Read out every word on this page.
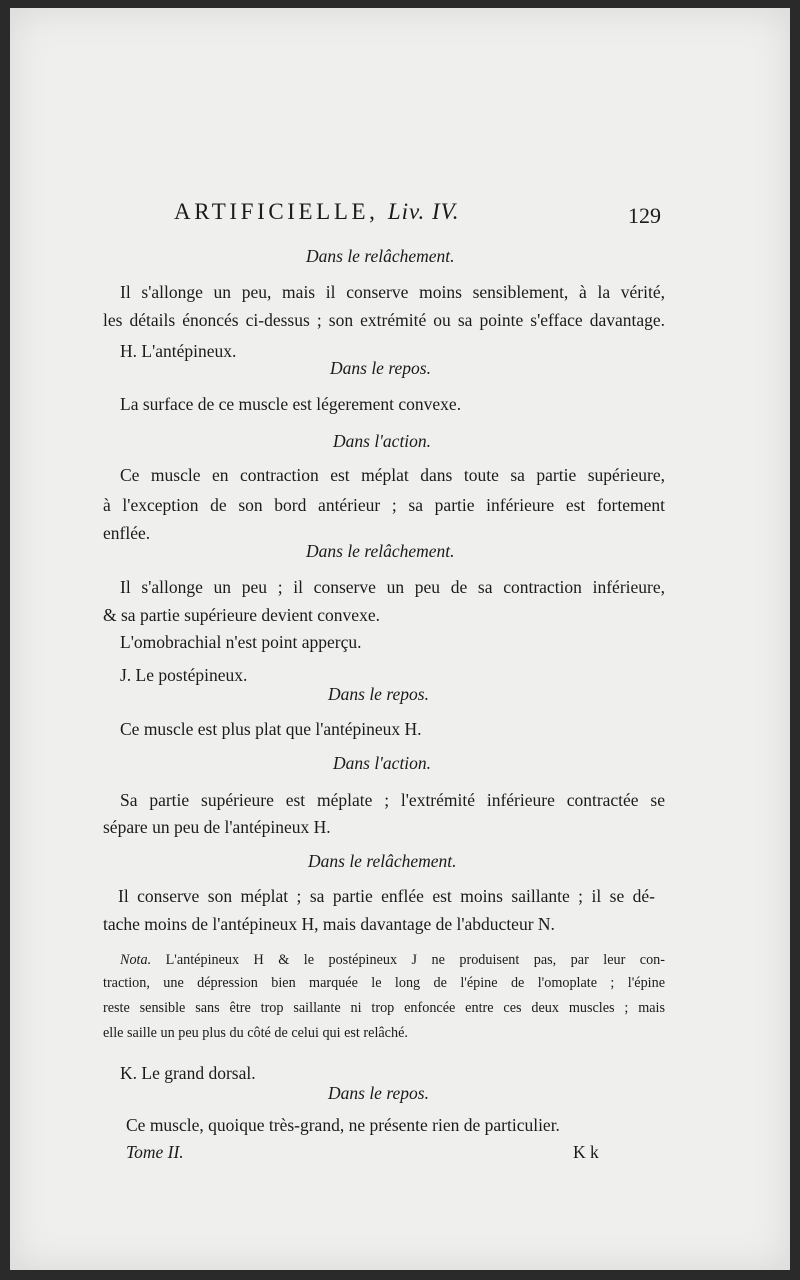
ARTIFICIELLE, Liv. IV.	129
Dans le relâchement.
Il s'allonge un peu, mais il conserve moins sensiblement, à la vérité,
les détails énoncés ci-dessus ; son extrémité ou sa pointe s'efface davantage.
H. L'antépineux.
Dans le repos.
La surface de ce muscle est légerement convexe.
Dans l'action.
Ce muscle en contraction est méplat dans toute sa partie supérieure,
à l'exception de son bord antérieur ; sa partie inférieure est fortement
enflée.
Dans le relâchement.
Il s'allonge un peu ; il conserve un peu de sa contraction inférieure,
& sa partie supérieure devient convexe.
L'omobrachial n'est point apperçu.
J. Le postépineux.
Dans le repos.
Ce muscle est plus plat que l'antépineux H.
Dans l'action.
Sa partie supérieure est méplate ; l'extrémité inférieure contractée se
sépare un peu de l'antépineux H.
Dans le relâchement.
Il conserve son méplat ; sa partie enflée est moins saillante ; il se dé-
tache moins de l'antépineux H, mais davantage de l'abducteur N.
Nota. L'antépineux H & le postépineux J ne produisent pas, par leur con-
traction, une dépression bien marquée le long de l'épine de l'omoplate ; l'épine
reste sensible sans être trop saillante ni trop enfoncée entre ces deux muscles ; mais
elle saille un peu plus du côté de celui qui est relâché.
K. Le grand dorsal.
Dans le repos.
Ce muscle, quoique très-grand, ne présente rien de particulier.
Tome II.	K k
